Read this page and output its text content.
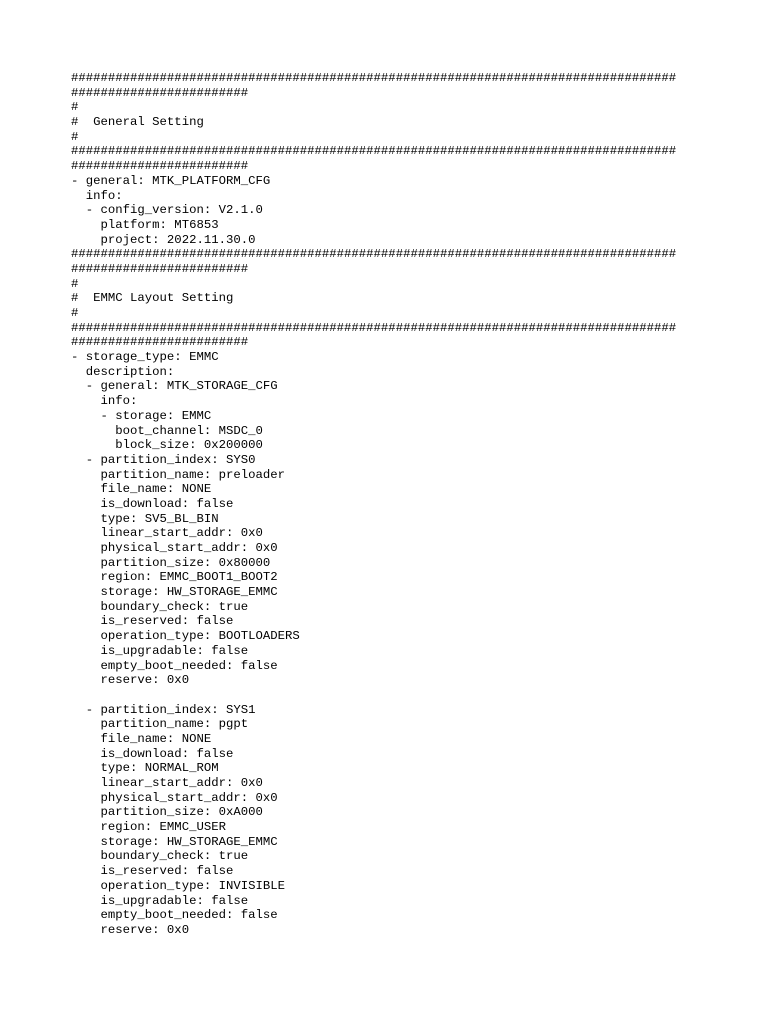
##################################################################################
########################
#
#  General Setting
#
##################################################################################
########################
- general: MTK_PLATFORM_CFG
info:
- config_version: V2.1.0
platform: MT6853
project: 2022.11.30.0
##################################################################################
########################
#
#  EMMC Layout Setting
#
##################################################################################
########################
- storage_type: EMMC
description:
- general: MTK_STORAGE_CFG
info:
- storage: EMMC
boot_channel: MSDC_0
block_size: 0x200000
- partition_index: SYS0
partition_name: preloader
file_name: NONE
is_download: false
type: SV5_BL_BIN
linear_start_addr: 0x0
physical_start_addr: 0x0
partition_size: 0x80000
region: EMMC_BOOT1_BOOT2
storage: HW_STORAGE_EMMC
boundary_check: true
is_reserved: false
operation_type: BOOTLOADERS
is_upgradable: false
empty_boot_needed: false
reserve: 0x0
- partition_index: SYS1
partition_name: pgpt
file_name: NONE
is_download: false
type: NORMAL_ROM
linear_start_addr: 0x0
physical_start_addr: 0x0
partition_size: 0xA000
region: EMMC_USER
storage: HW_STORAGE_EMMC
boundary_check: true
is_reserved: false
operation_type: INVISIBLE
is_upgradable: false
empty_boot_needed: false
reserve: 0x0
